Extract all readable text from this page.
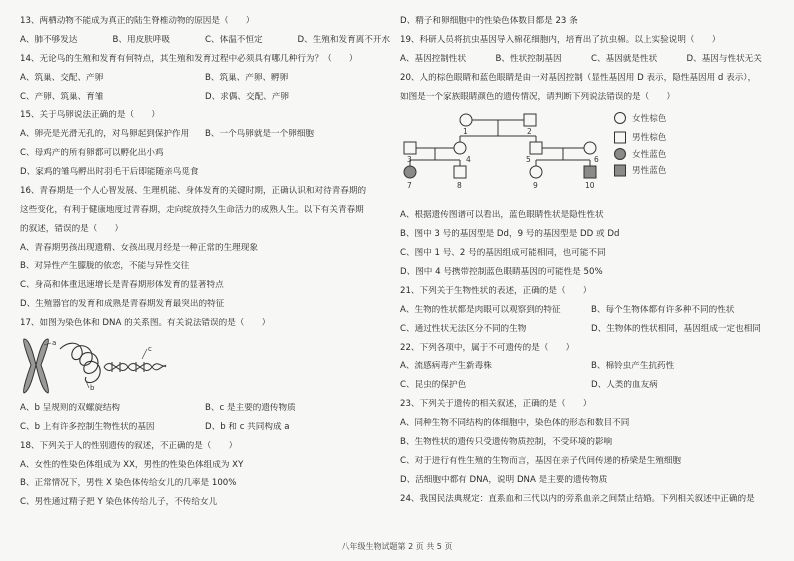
13、两栖动物不能成为真正的陆生脊椎动物的原因是（　　）
A、肺不够发达	B、用皮肤呼吸	C、体温不恒定	D、生殖和发育离不开水
14、无论鸟的生殖和发育有何特点，其生殖和发育过程中必须具有哪几种行为？（　　）
A、筑巢、交配、产卵	B、筑巢、产卵、孵卵
C、产卵、筑巢、育雏	D、求偶、交配、产卵
15、关于鸟卵说法正确的是（　　）
A、卵壳是光滑无孔的，对鸟卵起到保护作用	B、一个鸟卵就是一个卵细胞
C、母鸡产的所有卵都可以孵化出小鸡
D、家鸡的雏鸟孵出时羽毛干后即能随亲鸟觅食
16、青春期是一个人心智发展、生理机能、身体发育的关键时期，正确认识和对待青春期的
这些变化，有利于健康地度过青春期，走向绽放持久生命活力的成熟人生。以下有关青春期
的叙述，错误的是（　　）
A、青春期男孩出现遗精、女孩出现月经是一种正常的生理现象
B、对异性产生朦胧的依恋，不能与异性交往
C、身高和体重迅速增长是青春期形体发育的显著特点
D、生殖器官的发育和成熟是青春期发育最突出的特征
17、如图为染色体和 DNA 的关系图。有关说法错误的是（　　）
a
b
c
A、b 呈规则的双螺旋结构	B、c 是主要的遗传物质
C、b 上有许多控制生物性状的基因	D、b 和 c 共同构成 a
18、下列关于人的性别遗传的叙述，不正确的是（　　）
A、女性的性染色体组成为 XX，男性的性染色体组成为 XY
B、正常情况下，男性 X 染色体传给女儿的几率是 100%
C、男性通过精子把 Y 染色体传给儿子，不传给女儿
D、精子和卵细胞中的性染色体数目都是 23 条
19、科研人员将抗虫基因导入棉花细胞内，培育出了抗虫棉。以上实验说明（　　）
A、基因控制性状	B、性状控制基因	C、基因就是性状	D、基因与性状无关
20、人的棕色眼睛和蓝色眼睛是由一对基因控制（显性基因用 D 表示，隐性基因用 d 表示），
如图是一个家族眼睛颜色的遗传情况，请判断下列说法错误的是（　　）
1	2
3	4	5	6
7	8	9	10
女性棕色
男性棕色
女性蓝色
男性蓝色
A、根据遗传图谱可以看出，蓝色眼睛性状是隐性性状
B、图中 3 号的基因型是 Dd，9 号的基因型是 DD 或 Dd
C、图中 1 号、2 号的基因组成可能相同，也可能不同
D、图中 4 号携带控制蓝色眼睛基因的可能性是 50%
21、下列关于生物性状的表述，正确的是（　　）
A、生物的性状都是肉眼可以观察到的特征	B、每个生物体都有许多种不同的性状
C、通过性状无法区分不同的生物	D、生物体的性状相同，基因组成一定也相同
22、下列各项中，属于不可遗传的是（　　）
A、流感病毒产生新毒株	B、棉铃虫产生抗药性
C、昆虫的保护色	D、人类的血友病
23、下列关于遗传的相关叙述，正确的是（　　）
A、同种生物不同结构的体细胞中，染色体的形态和数目不同
B、生物性状的遗传只受遗传物质控制，不受环境的影响
C、对于进行有性生殖的生物而言，基因在亲子代间传递的桥梁是生殖细胞
D、活细胞中都有 DNA，说明 DNA 是主要的遗传物质
24、我国民法典规定：直系血和三代以内的旁系血亲之间禁止结婚。下列相关叙述中正确的是
八年级生物试题第 2 页 共 5 页
